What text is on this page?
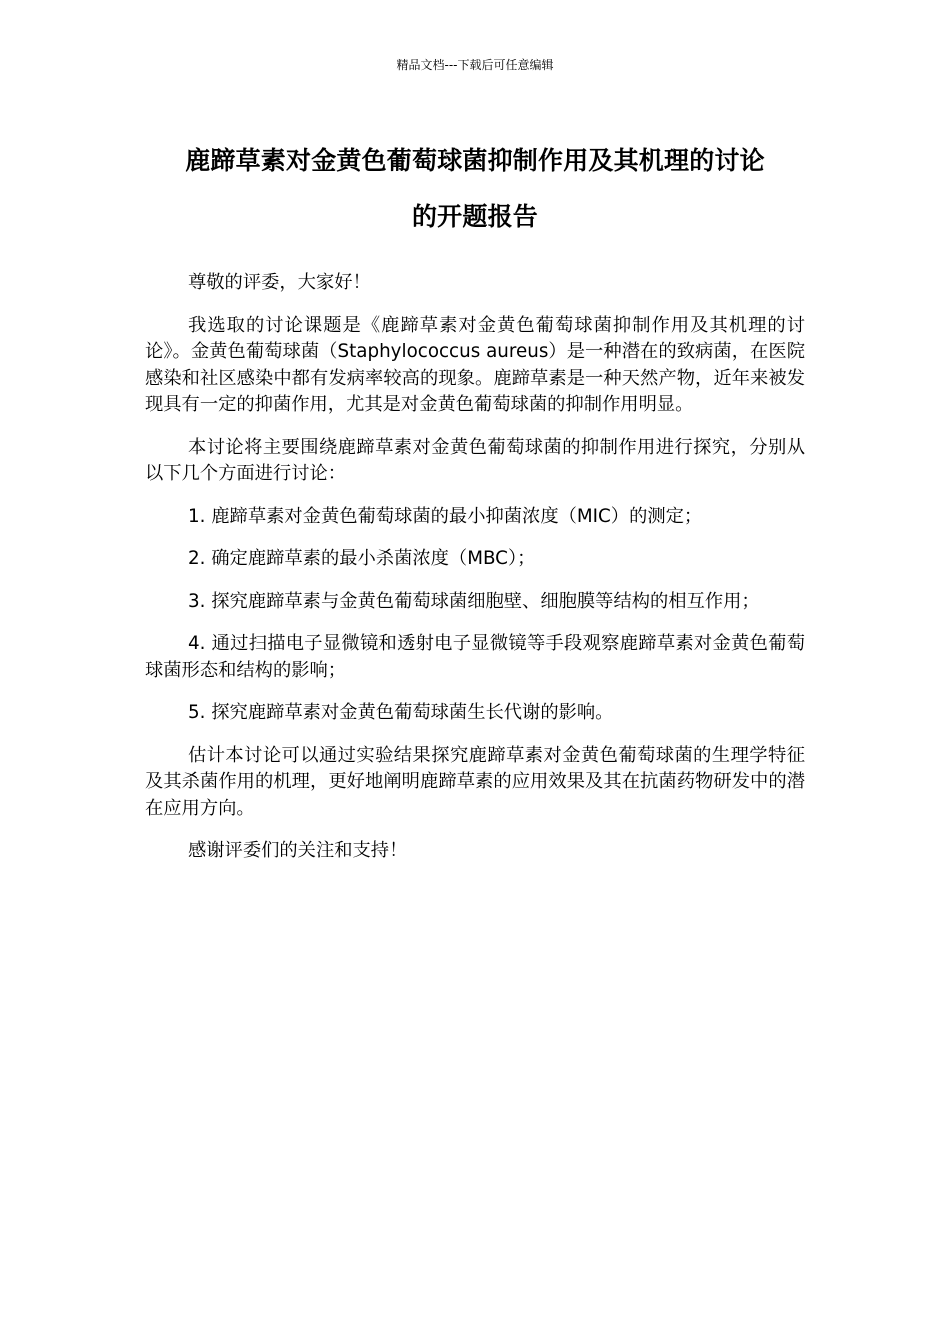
精品文档---下载后可任意编辑
鹿蹄草素对金黄色葡萄球菌抑制作用及其机理的讨论
的开题报告

尊敬的评委，大家好！

我选取的讨论课题是《鹿蹄草素对金黄色葡萄球菌抑制作用及其机理的讨论》。金黄色葡萄球菌（Staphylococcus aureus）是一种潜在的致病菌，在医院感染和社区感染中都有发病率较高的现象。鹿蹄草素是一种天然产物，近年来被发现具有一定的抑菌作用，尤其是对金黄色葡萄球菌的抑制作用明显。

本讨论将主要围绕鹿蹄草素对金黄色葡萄球菌的抑制作用进行探究，分别从以下几个方面进行讨论：

1. 鹿蹄草素对金黄色葡萄球菌的最小抑菌浓度（MIC）的测定；

2. 确定鹿蹄草素的最小杀菌浓度（MBC）；

3. 探究鹿蹄草素与金黄色葡萄球菌细胞壁、细胞膜等结构的相互作用；

4. 通过扫描电子显微镜和透射电子显微镜等手段观察鹿蹄草素对金黄色葡萄球菌形态和结构的影响；

5. 探究鹿蹄草素对金黄色葡萄球菌生长代谢的影响。

估计本讨论可以通过实验结果探究鹿蹄草素对金黄色葡萄球菌的生理学特征及其杀菌作用的机理，更好地阐明鹿蹄草素的应用效果及其在抗菌药物研发中的潜在应用方向。

感谢评委们的关注和支持！
